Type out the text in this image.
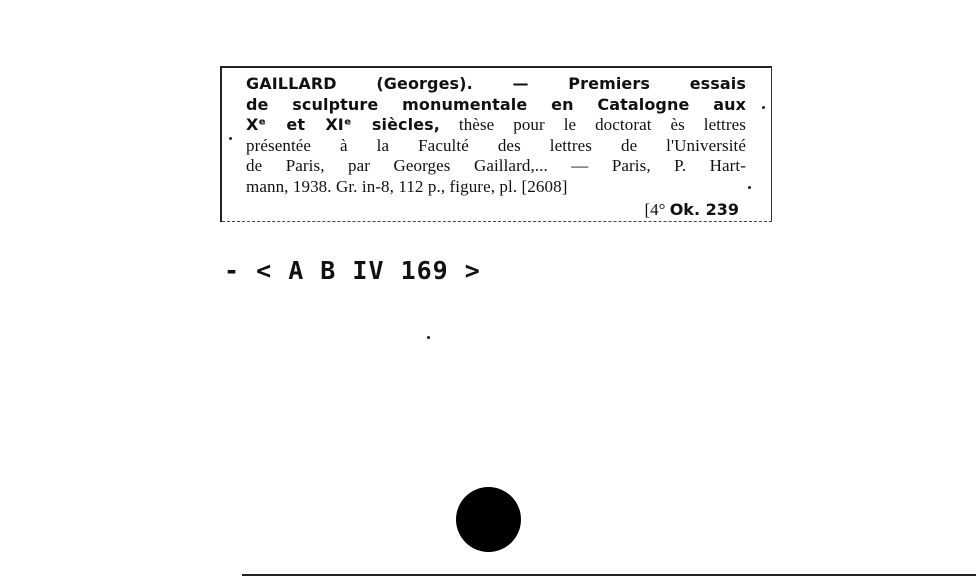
GAILLARD (Georges). — Premiers essais
de sculpture monumentale en Catalogne aux
Xᵉ et XIᵉ siècles, thèse pour le doctorat ès lettres
présentée à la Faculté des lettres de l'Université
de Paris, par Georges Gaillard,... — Paris, P. Hart-
mann, 1938. Gr. in-8, 112 p., figure, pl. [2608]
[4° Ok. 239
- < A B IV 169 >
